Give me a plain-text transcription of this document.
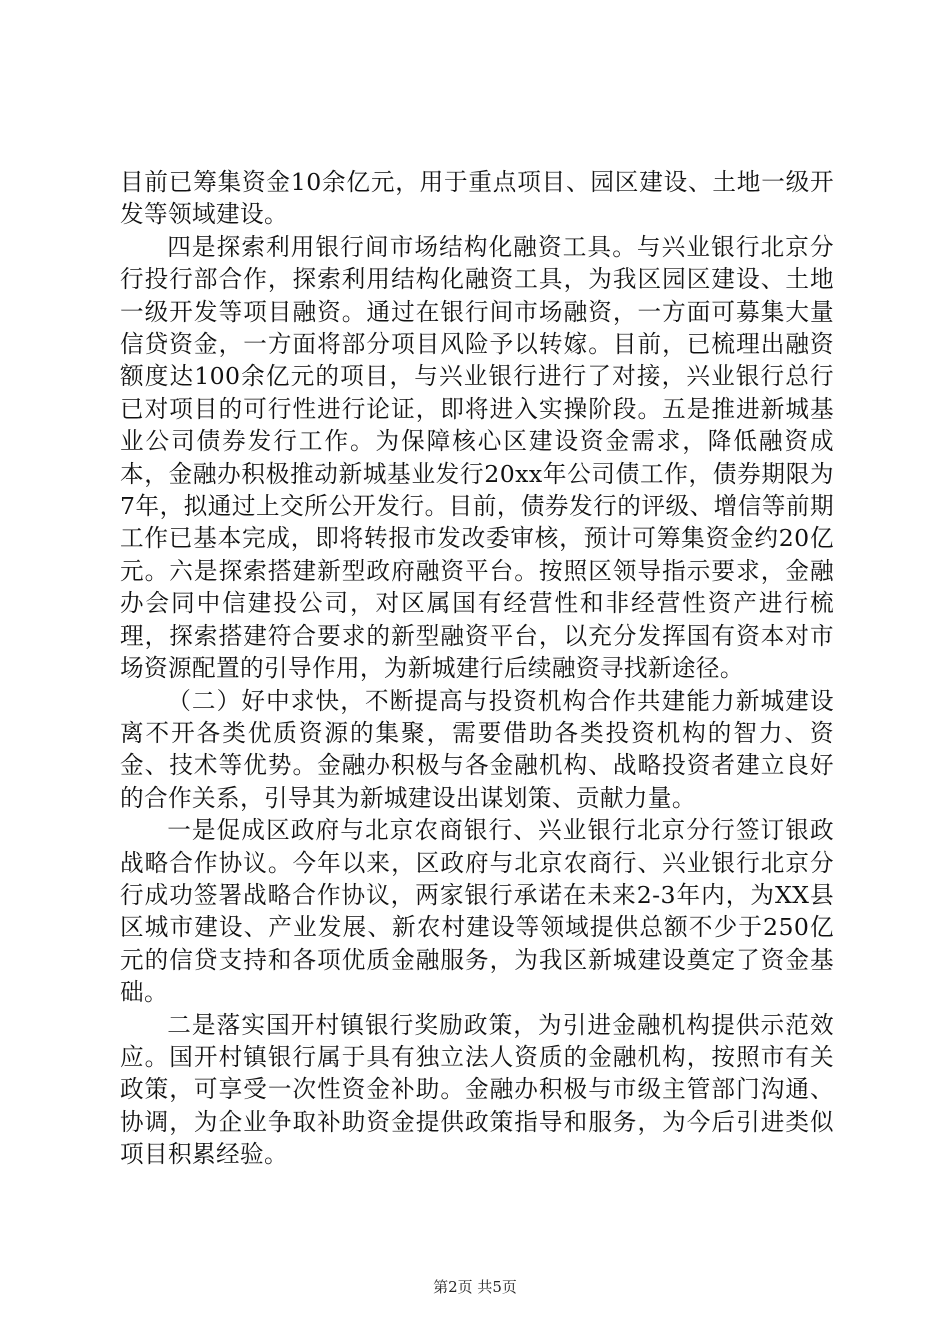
目前已筹集资金10余亿元，用于重点项目、园区建设、土地一级开发等领域建设。

四是探索利用银行间市场结构化融资工具。与兴业银行北京分行投行部合作，探索利用结构化融资工具，为我区园区建设、土地一级开发等项目融资。通过在银行间市场融资，一方面可募集大量信贷资金，一方面将部分项目风险予以转嫁。目前，已梳理出融资额度达100余亿元的项目，与兴业银行进行了对接，兴业银行总行已对项目的可行性进行论证，即将进入实操阶段。五是推进新城基业公司债券发行工作。为保障核心区建设资金需求，降低融资成本，金融办积极推动新城基业发行20xx年公司债工作，债券期限为7年，拟通过上交所公开发行。目前，债券发行的评级、增信等前期工作已基本完成，即将转报市发改委审核，预计可筹集资金约20亿元。六是探索搭建新型政府融资平台。按照区领导指示要求，金融办会同中信建投公司，对区属国有经营性和非经营性资产进行梳理，探索搭建符合要求的新型融资平台，以充分发挥国有资本对市场资源配置的引导作用，为新城建行后续融资寻找新途径。

（二）好中求快，不断提高与投资机构合作共建能力新城建设离不开各类优质资源的集聚，需要借助各类投资机构的智力、资金、技术等优势。金融办积极与各金融机构、战略投资者建立良好的合作关系，引导其为新城建设出谋划策、贡献力量。

一是促成区政府与北京农商银行、兴业银行北京分行签订银政战略合作协议。今年以来，区政府与北京农商行、兴业银行北京分行成功签署战略合作协议，两家银行承诺在未来2-3年内，为XX县区城市建设、产业发展、新农村建设等领域提供总额不少于250亿元的信贷支持和各项优质金融服务，为我区新城建设奠定了资金基础。

二是落实国开村镇银行奖励政策，为引进金融机构提供示范效应。国开村镇银行属于具有独立法人资质的金融机构，按照市有关政策，可享受一次性资金补助。金融办积极与市级主管部门沟通、协调，为企业争取补助资金提供政策指导和服务，为今后引进类似项目积累经验。

第2页 共5页
